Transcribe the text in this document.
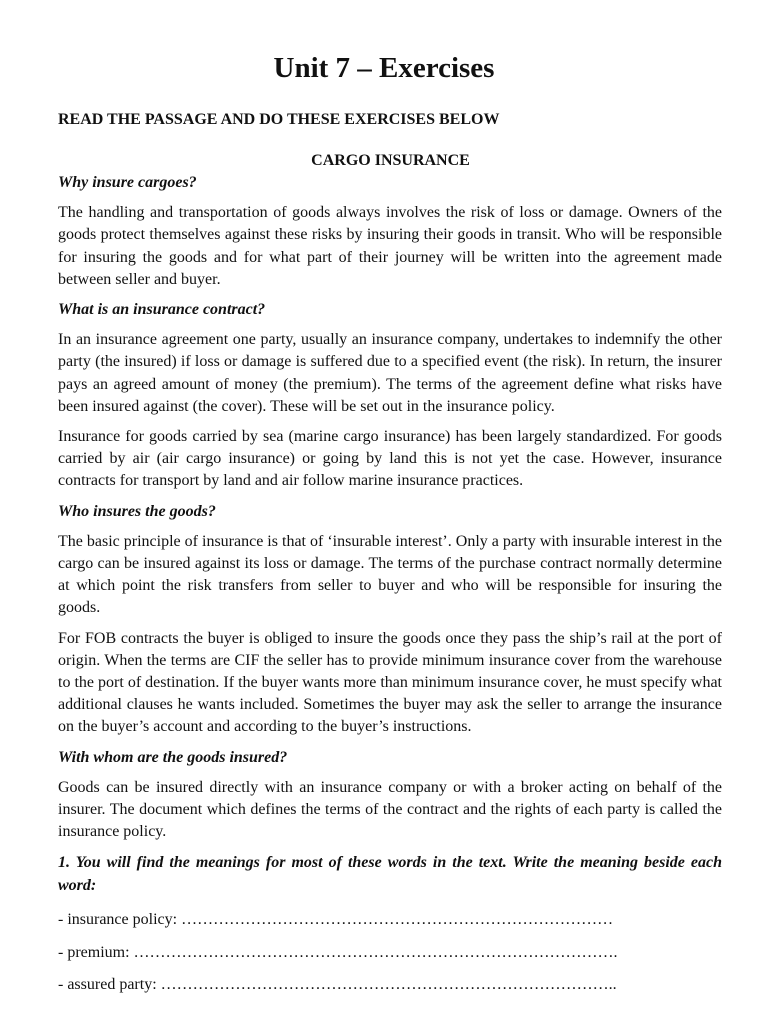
Unit 7 – Exercises
READ THE PASSAGE AND DO THESE EXERCISES BELOW
CARGO INSURANCE

Why insure cargoes?

The handling and transportation of goods always involves the risk of loss or damage. Owners of the goods protect themselves against these risks by insuring their goods in transit. Who will be responsible for insuring the goods and for what part of their journey will be written into the agreement made between seller and buyer.

What is an insurance contract?

In an insurance agreement one party, usually an insurance company, undertakes to indemnify the other party (the insured) if loss or damage is suffered due to a specified event (the risk). In return, the insurer pays an agreed amount of money (the premium). The terms of the agreement define what risks have been insured against (the cover). These will be set out in the insurance policy.

Insurance for goods carried by sea (marine cargo insurance) has been largely standardized. For goods carried by air (air cargo insurance) or going by land this is not yet the case. However, insurance contracts for transport by land and air follow marine insurance practices.

Who insures the goods?

The basic principle of insurance is that of ‘insurable interest’. Only a party with insurable interest in the cargo can be insured against its loss or damage. The terms of the purchase contract normally determine at which point the risk transfers from seller to buyer and who will be responsible for insuring the goods.

For FOB contracts the buyer is obliged to insure the goods once they pass the ship’s rail at the port of origin. When the terms are CIF the seller has to provide minimum insurance cover from the warehouse to the port of destination. If the buyer wants more than minimum insurance cover, he must specify what additional clauses he wants included. Sometimes the buyer may ask the seller to arrange the insurance on the buyer’s account and according to the buyer’s instructions.

With whom are the goods insured?

Goods can be insured directly with an insurance company or with a broker acting on behalf of the insurer. The document which defines the terms of the contract and the rights of each party is called the insurance policy.

1. You will find the meanings for most of these words in the text. Write the meaning beside each word:

- insurance policy: ………………………………………………………………………

- premium: ……………………………………………………………………………….

- assured party: …………………………………………………………………………..
